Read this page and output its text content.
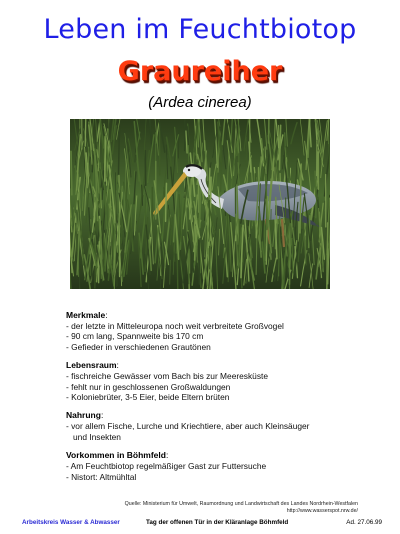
Leben im Feuchtbiotop
Graureiher
(Ardea cinerea)
Merkmale:
- der letzte in Mitteleuropa noch weit verbreitete Großvogel
- 90 cm lang, Spannweite bis 170 cm
- Gefieder in verschiedenen Grautönen
Lebensraum:
- fischreiche Gewässer vom Bach bis zur Meeresküste
- fehlt nur in geschlossenen Großwaldungen
- Koloniebrüter, 3-5 Eier, beide Eltern brüten
Nahrung:
- vor allem Fische, Lurche und Kriechtiere, aber auch Kleinsäuger
und Insekten
Vorkommen in Böhmfeld:
- Am Feuchtbiotop regelmäßiger Gast zur Futtersuche
- Nistort: Altmühltal
Quelle: Ministerium für Umwelt, Raumordnung und Landwirtschaft des Landes Nordrhein-Westfalen
http://www.wasserspot.nrw.de/
Arbeitskreis Wasser & Abwasser	Tag der offenen Tür in der Kläranlage Böhmfeld	Ad. 27.06.99
